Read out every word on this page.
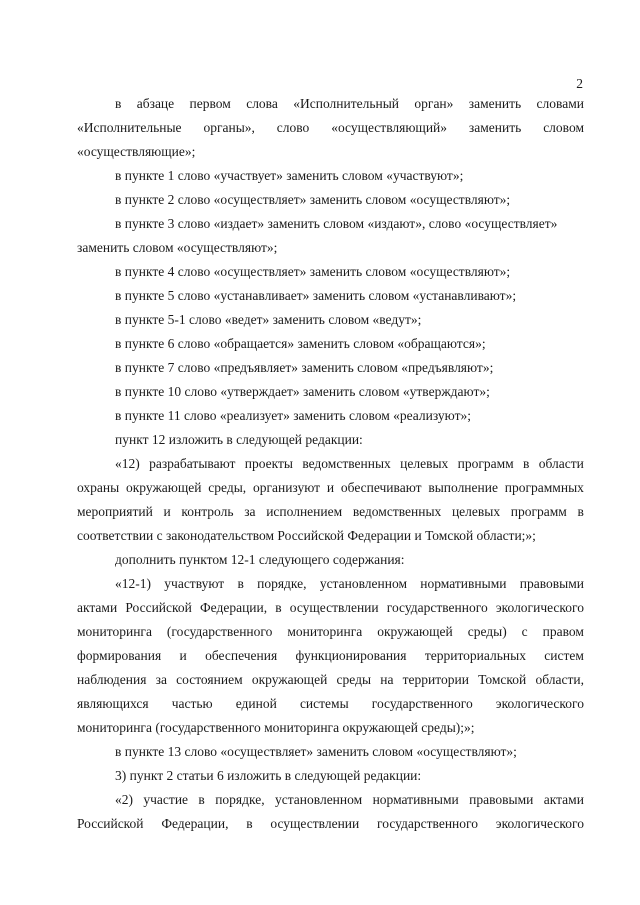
2
в абзаце первом слова «Исполнительный орган» заменить словами
«Исполнительные органы», слово «осуществляющий» заменить словом
«осуществляющие»;
в пункте 1 слово «участвует» заменить словом «участвуют»;
в пункте 2 слово «осуществляет» заменить словом «осуществляют»;
в пункте 3 слово «издает» заменить словом «издают», слово «осуществляет»
заменить словом «осуществляют»;
в пункте 4 слово «осуществляет» заменить словом «осуществляют»;
в пункте 5 слово «устанавливает» заменить словом «устанавливают»;
в пункте 5-1 слово «ведет» заменить словом «ведут»;
в пункте 6 слово «обращается» заменить словом «обращаются»;
в пункте 7 слово «предъявляет» заменить словом «предъявляют»;
в пункте 10 слово «утверждает» заменить словом «утверждают»;
в пункте 11 слово «реализует» заменить словом «реализуют»;
пункт 12 изложить в следующей редакции:
«12) разрабатывают проекты ведомственных целевых программ в области
охраны окружающей среды, организуют и обеспечивают выполнение программных
мероприятий и контроль за исполнением ведомственных целевых программ в
соответствии с законодательством Российской Федерации и Томской области;»;
дополнить пунктом 12-1 следующего содержания:
«12-1) участвуют в порядке, установленном нормативными правовыми
актами Российской Федерации, в осуществлении государственного экологического
мониторинга (государственного мониторинга окружающей среды) с правом
формирования и обеспечения функционирования территориальных систем
наблюдения за состоянием окружающей среды на территории Томской области,
являющихся частью единой системы государственного экологического
мониторинга (государственного мониторинга окружающей среды);»;
в пункте 13 слово «осуществляет» заменить словом «осуществляют»;
3) пункт 2 статьи 6 изложить в следующей редакции:
«2) участие в порядке, установленном нормативными правовыми актами
Российской Федерации, в осуществлении государственного экологического
